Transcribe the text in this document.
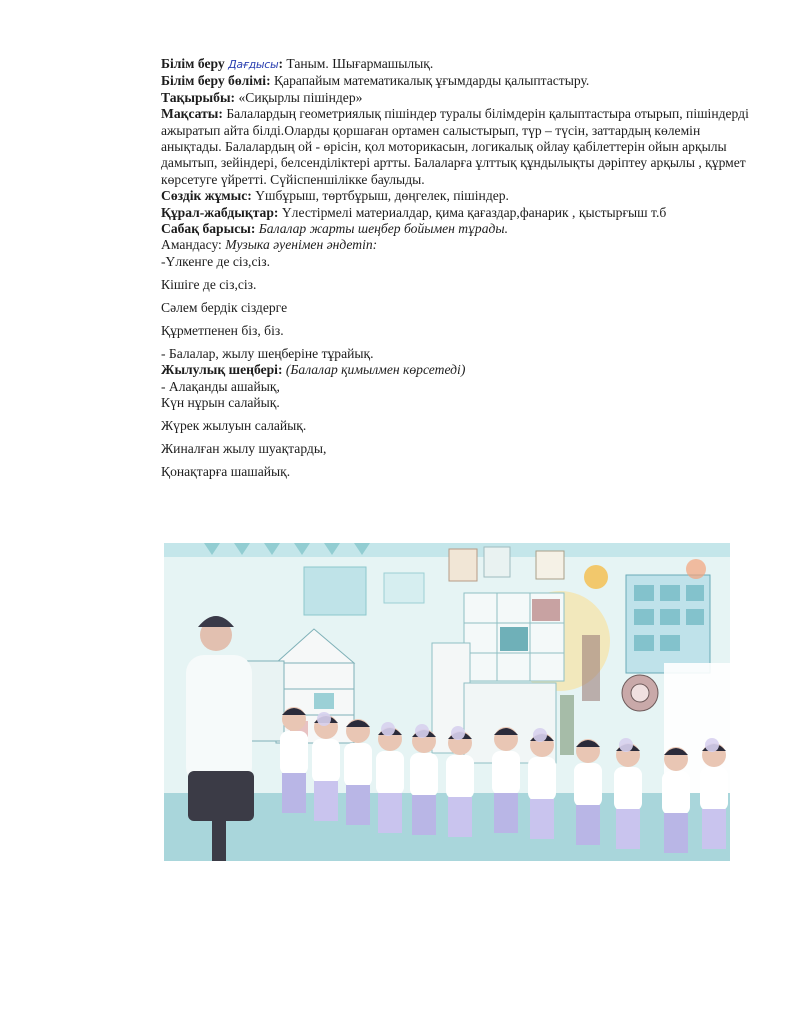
Білім беру Дағдысы: Таным. Шығармашылық.
Білім беру бөлімі: Қарапайым математикалық ұғымдарды қалыптастыру.
Тақырыбы: «Сиқырлы пішіндер»
Мақсаты: Балалардың геометриялық пішіндер туралы білімдерін қалыптастыра отырып, пішіндерді ажыратып айта білді.Оларды қоршаған ортамен салыстырып, түр – түсін, заттардың көлемін анықтады. Балалардың ой - өрісін, қол моторикасын, логикалық ойлау қабілеттерін ойын арқылы дамытып, зейіндері, белсенділіктері артты. Балаларға ұлттық құндылықты дәріптеу арқылы , құрмет көрсетуге үйретті. Сүйіспеншілікке баулыды.
Сөздік жұмыс: Үшбұрыш, төртбұрыш, дөңгелек, пішіндер.
Құрал-жабдықтар: Үлестірмелі материалдар, қима қағаздар,фанарик , қыстырғыш т.б
Сабақ барысы: Балалар жарты шеңбер бойымен тұрады.
Амандасу: Музыка әуенімен әндетіп:
-Үлкенге де сіз,сіз.
Кішіге де сіз,сіз.
Сәлем бердік сіздерге
Құрметпенен біз, біз.
- Балалар, жылу шеңберіне тұрайық.
Жылулық шеңбері: (Балалар қимылмен көрсетеді)
- Алақанды ашайық,
Күн нұрын салайық.
Жүрек жылуын салайық.
Жиналған жылу шуақтарды,
Қонақтарға шашайық.
